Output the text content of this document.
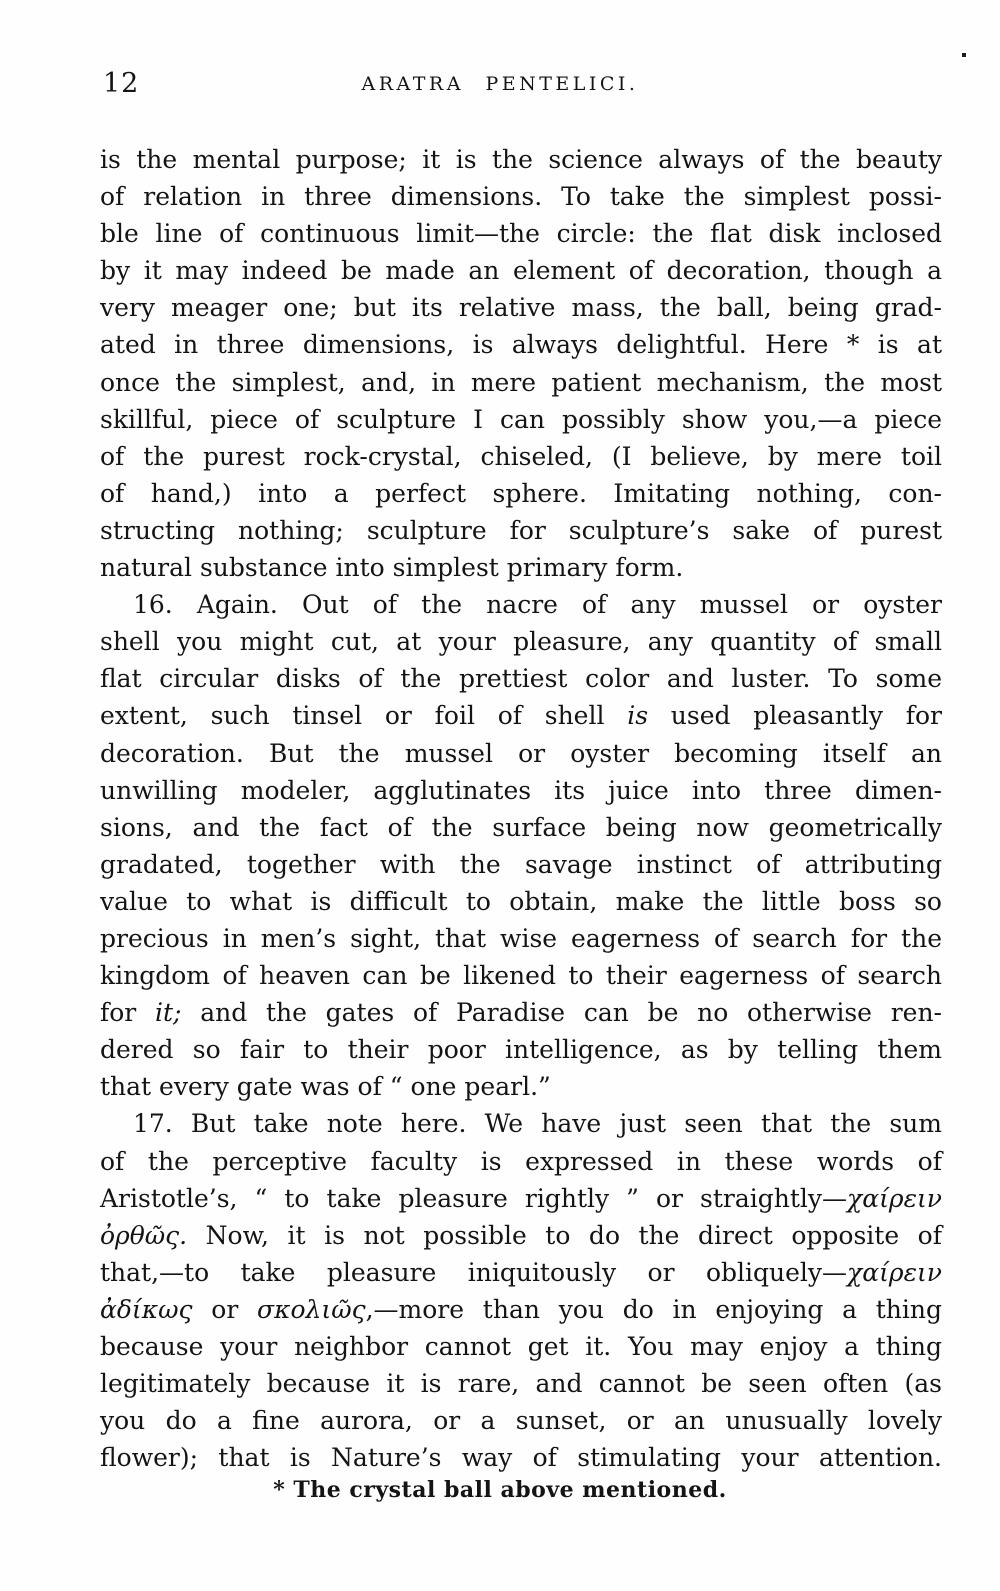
12	ARATRA PENTELICI.
is the mental purpose; it is the science always of the beauty
of relation in three dimensions. To take the simplest possi-
ble line of continuous limit—the circle: the flat disk inclosed
by it may indeed be made an element of decoration, though a
very meager one; but its relative mass, the ball, being grad-
ated in three dimensions, is always delightful. Here * is at
once the simplest, and, in mere patient mechanism, the most
skillful, piece of sculpture I can possibly show you,—a piece
of the purest rock-crystal, chiseled, (I believe, by mere toil
of hand,) into a perfect sphere. Imitating nothing, con-
structing nothing; sculpture for sculpture’s sake of purest
natural substance into simplest primary form.
16. Again. Out of the nacre of any mussel or oyster
shell you might cut, at your pleasure, any quantity of small
flat circular disks of the prettiest color and luster. To some
extent, such tinsel or foil of shell is used pleasantly for
decoration. But the mussel or oyster becoming itself an
unwilling modeler, agglutinates its juice into three dimen-
sions, and the fact of the surface being now geometrically
gradated, together with the savage instinct of attributing
value to what is difficult to obtain, make the little boss so
precious in men’s sight, that wise eagerness of search for the
kingdom of heaven can be likened to their eagerness of search
for it; and the gates of Paradise can be no otherwise ren-
dered so fair to their poor intelligence, as by telling them
that every gate was of “ one pearl.”
17. But take note here. We have just seen that the sum
of the perceptive faculty is expressed in these words of
Aristotle’s, “ to take pleasure rightly ” or straightly—χαίρειν
ὀρθῶς. Now, it is not possible to do the direct opposite of
that,—to take pleasure iniquitously or obliquely—χαίρειν
ἀδίκως or σκολιῶς,—more than you do in enjoying a thing
because your neighbor cannot get it. You may enjoy a thing
legitimately because it is rare, and cannot be seen often (as
you do a fine aurora, or a sunset, or an unusually lovely
flower); that is Nature’s way of stimulating your attention.
* The crystal ball above mentioned.
